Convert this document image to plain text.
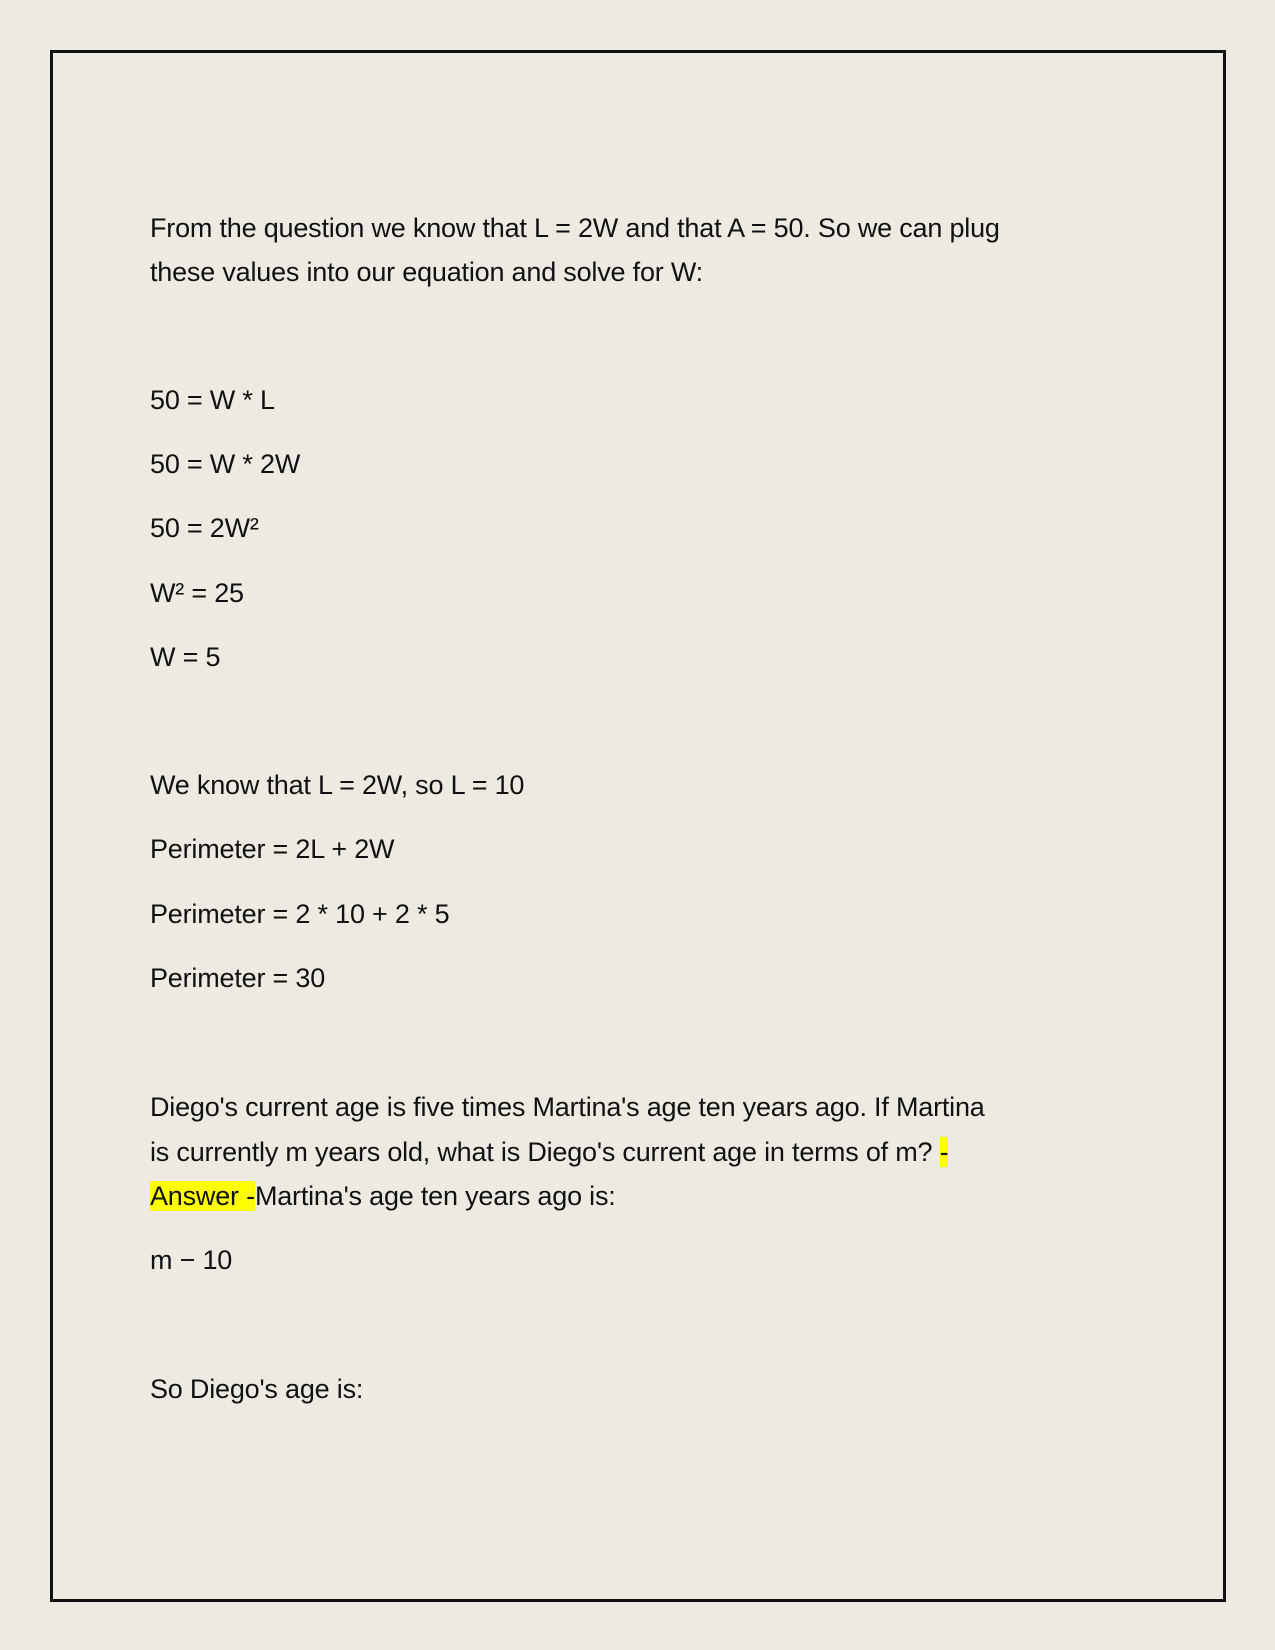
From the question we know that L = 2W and that A = 50. So we can plug
these values into our equation and solve for W:
50 = W * L
50 = W * 2W
50 = 2W²
W² = 25
W = 5
We know that L = 2W, so L = 10
Perimeter = 2L + 2W
Perimeter = 2 * 10 + 2 * 5
Perimeter = 30
Diego's current age is five times Martina's age ten years ago. If Martina
is currently m years old, what is Diego's current age in terms of m? -
Answer -Martina's age ten years ago is:
m − 10
So Diego's age is:
